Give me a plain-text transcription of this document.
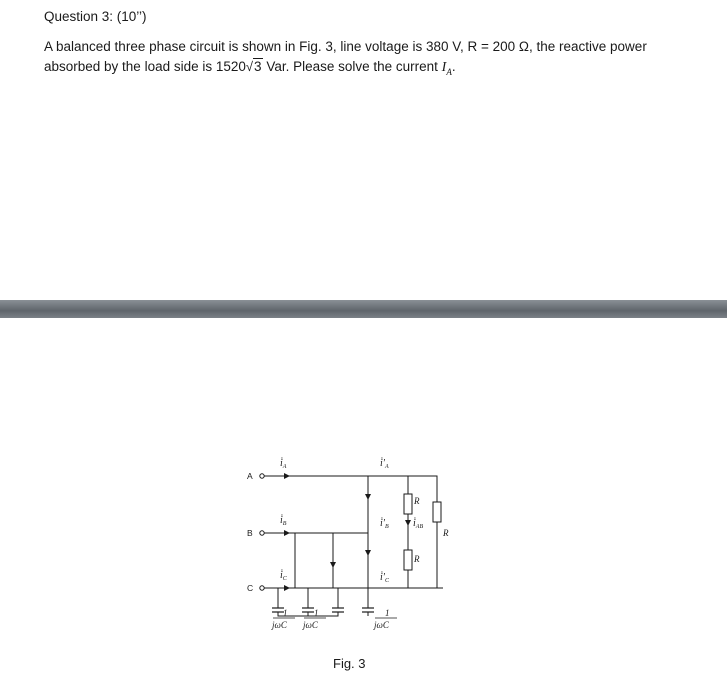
Question 3: (10’’)
A balanced three phase circuit is shown in Fig. 3, line voltage is 380 V, R = 200 Ω, the reactive power absorbed by the load side is 1520√3 Var. Please solve the current $I_A$.
A
B
C
$i̇_A$
$i̇_B$
$i̇_C$
$i̇'_A$
$i̇'_B$
$i̇'_C$
$i̇_{AB}$
R
R
R
1
jωC
1
jωC
1
jωC
Fig. 3
